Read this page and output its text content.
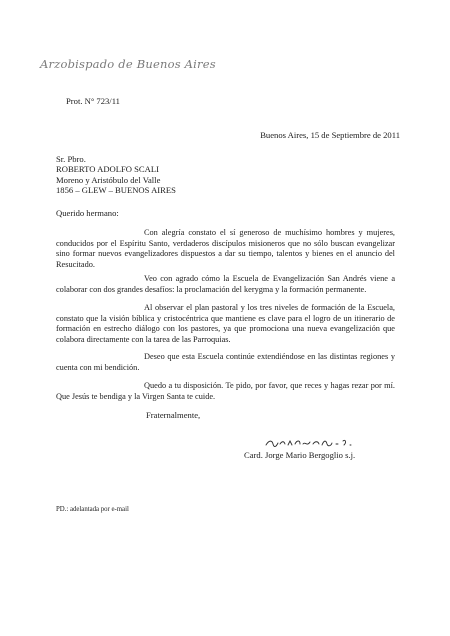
Arzobispado de Buenos Aires
Prot. N° 723/11
Buenos Aires, 15 de Septiembre de 2011
Sr. Pbro.
ROBERTO ADOLFO SCALI
Moreno y Aristóbulo del Valle
1856 – GLEW – BUENOS AIRES
Querido hermano:

Con alegría constato el sí generoso de muchísimo hombres y mujeres, conducidos por el Espíritu Santo, verdaderos discípulos misioneros que no sólo buscan evangelizar sino formar nuevos evangelizadores dispuestos a dar su tiempo, talentos y bienes en el anuncio del Resucitado.

Veo con agrado cómo la Escuela de Evangelización San Andrés viene a colaborar con dos grandes desafíos: la proclamación del kerygma y la formación permanente.

Al observar el plan pastoral y los tres niveles de formación de la Escuela, constato que la visión bíblica y cristocéntrica que mantiene es clave para el logro de un itinerario de formación en estrecho diálogo con los pastores, ya que promociona una nueva evangelización que colabora directamente con la tarea de las Parroquias.

Deseo que esta Escuela continúe extendiéndose en las distintas regiones y cuenta con mi bendición.

Quedo a tu disposición. Te pido, por favor, que reces y hagas rezar por mí. Que Jesús te bendiga y la Virgen Santa te cuide.

Fraternalmente,
Card. Jorge Mario Bergoglio s.j.
PD.: adelantada por e-mail
